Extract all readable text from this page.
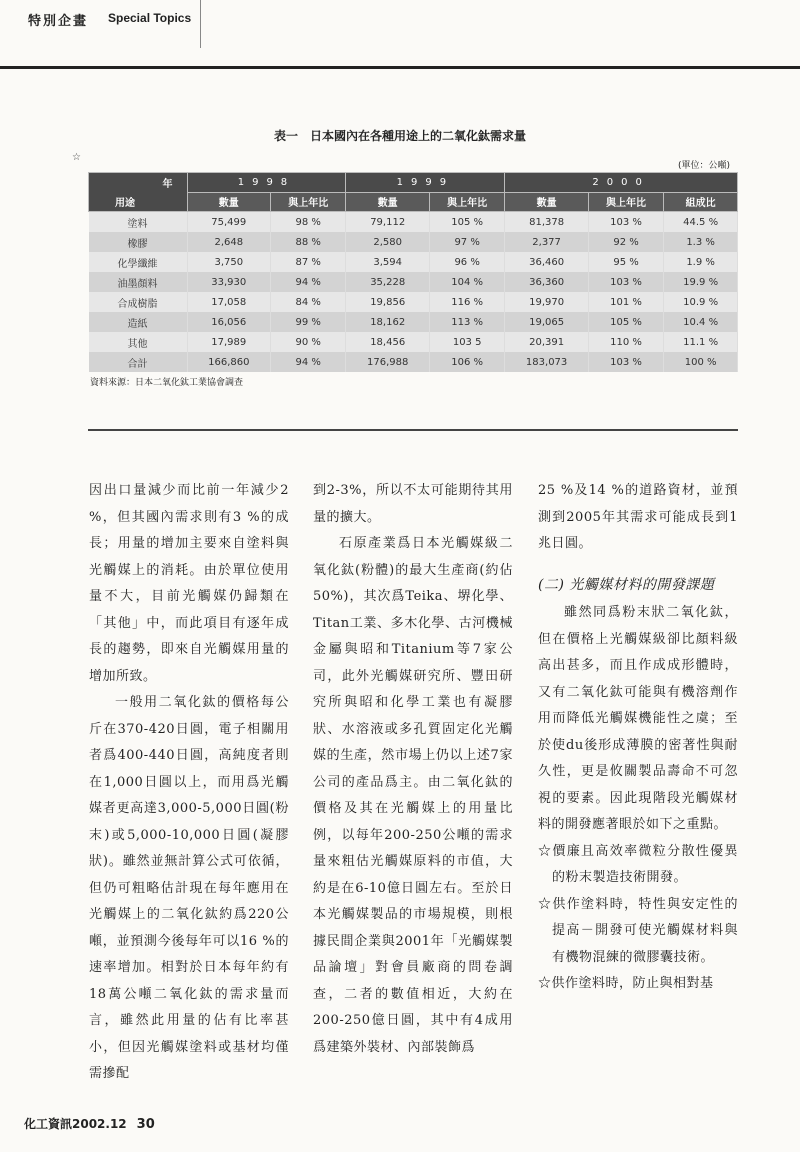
特別企畫 Special Topics
表一　日本國內在各種用途上的二氧化鈦需求量
☆
(單位：公噸)
年
用途	1998		1999		2000		
	數量	與上年比	數量	與上年比	數量	與上年比	組成比
塗料	75,499	98 %	79,112	105 %	81,378	103 %	44.5 %
橡膠	2,648	88 %	2,580	97 %	2,377	92 %	1.3 %
化學纖維	3,750	87 %	3,594	96 %	36,460	95 %	1.9 %
油墨顏料	33,930	94 %	35,228	104 %	36,360	103 %	19.9 %
合成樹脂	17,058	84 %	19,856	116 %	19,970	101 %	10.9 %
造紙	16,056	99 %	18,162	113 %	19,065	105 %	10.4 %
其他	17,989	90 %	18,456	103 5	20,391	110 %	11.1 %
合計	166,860	94 %	176,988	106 %	183,073	103 %	100 %
資料來源：日本二氧化鈦工業協會調查

因出口量減少而比前一年減少2 %，但其國內需求則有3 %的成長；用量的增加主要來自塗料與光觸媒上的消耗。由於單位使用量不大，目前光觸媒仍歸類在「其他」中，而此項目有逐年成長的趨勢，即來自光觸媒用量的增加所致。

一般用二氧化鈦的價格每公斤在370-420日圓，電子相關用者爲400-440日圓，高純度者則在1,000日圓以上，而用爲光觸媒者更高達3,000-5,000日圓(粉末)或5,000-10,000日圓(凝膠狀)。雖然並無計算公式可依循，但仍可粗略估計現在每年應用在光觸媒上的二氧化鈦約爲220公噸，並預測今後每年可以16 %的速率增加。相對於日本每年約有18萬公噸二氧化鈦的需求量而言，雖然此用量的佔有比率甚小，但因光觸媒塗料或基材均僅需摻配

到2-3%，所以不太可能期待其用量的擴大。

石原產業爲日本光觸媒級二氧化鈦(粉體)的最大生產商(約佔50%)，其次爲Teika、堺化學、Titan工業、多木化學、古河機械金屬與昭和Titanium等7家公司，此外光觸媒研究所、豐田研究所與昭和化學工業也有凝膠狀、水溶液或多孔質固定化光觸媒的生產，然市場上仍以上述7家公司的產品爲主。由二氧化鈦的價格及其在光觸媒上的用量比例，以每年200-250公噸的需求量來粗估光觸媒原料的市值，大約是在6-10億日圓左右。至於日本光觸媒製品的市場規模，則根據民間企業與2001年「光觸媒製品論壇」對會員廠商的問卷調查，二者的數值相近，大約在200-250億日圓，其中有4成用爲建築外裝材、內部裝飾爲

25 %及14 %的道路資材，並預測到2005年其需求可能成長到1兆日圓。

(二) 光觸媒材料的開發課題

雖然同爲粉末狀二氧化鈦，但在價格上光觸媒級卻比顏料級高出甚多，而且作成成形體時，又有二氧化鈦可能與有機溶劑作用而降低光觸媒機能性之虞；至於使du後形成薄膜的密著性與耐久性，更是攸關製品壽命不可忽視的要素。因此現階段光觸媒材料的開發應著眼於如下之重點。

☆價廉且高效率微粒分散性優異的粉末製造技術開發。

☆供作塗料時，特性與安定性的提高－開發可使光觸媒材料與有機物混練的微膠囊技術。

☆供作塗料時，防止與相對基

化工資訊2002.12 30
